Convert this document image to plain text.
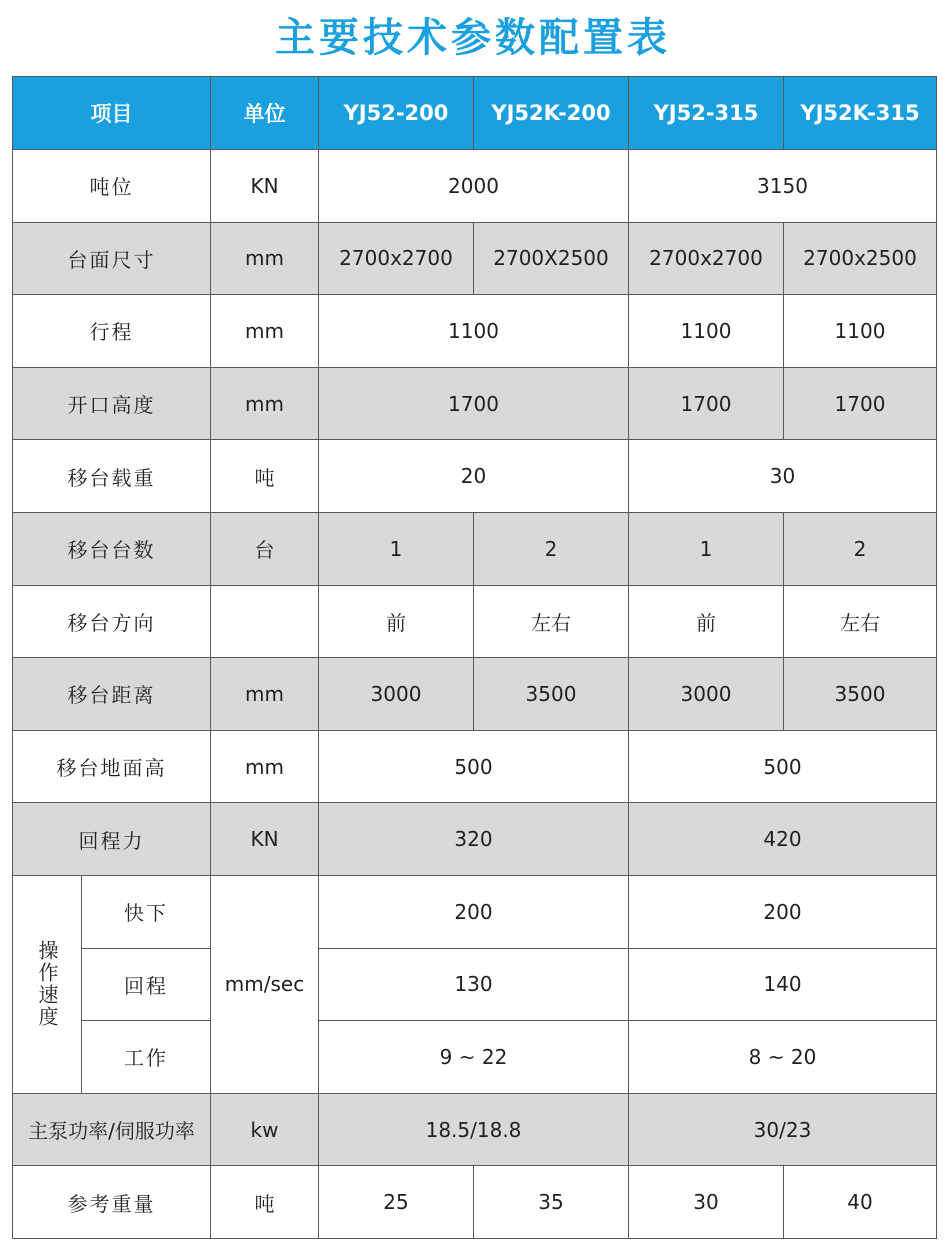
主要技术参数配置表
项目		单位	YJ52-200	YJ52K-200	YJ52-315	YJ52K-315
吨位		KN	2000		3150	
台面尺寸		mm	2700x2700	2700X2500	2700x2700	2700x2500
行程		mm	1100		1100	1100
开口高度		mm	1700		1700	1700
移台载重		吨	20		30	
移台台数		台	1	2	1	2
移台方向			前	左右	前	左右
移台距离		mm	3000	3500	3000	3500
移台地面高		mm	500		500	
回程力		KN	320		420	
操作速度	快下	mm/sec	200		200	
	回程		130		140	
	工作		9 ~ 22		8 ~ 20	
主泵功率/伺服功率		kw	18.5/18.8		30/23	
参考重量		吨	25	35	30	40
